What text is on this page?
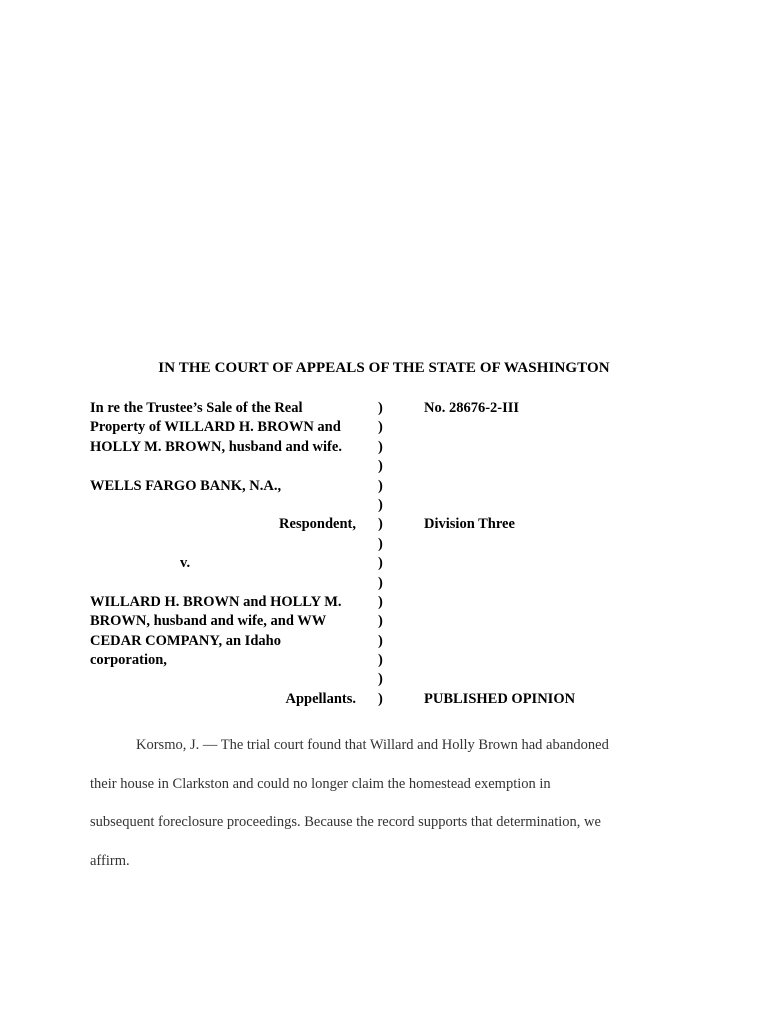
IN THE COURT OF APPEALS OF THE STATE OF WASHINGTON
In re the Trustee’s Sale of the Real	)	No. 28676-2-III
Property of WILLARD H. BROWN and	)
HOLLY M. BROWN, husband and wife.	)
)
WELLS FARGO BANK, N.A.,	)
)
Respondent, )	Division Three
)
v.	)
)
WILLARD H. BROWN and HOLLY M.	)
BROWN, husband and wife, and WW	)
CEDAR COMPANY, an Idaho	)
corporation,	)
)
Appellants. )	PUBLISHED OPINION
Korsmo, J. — The trial court found that Willard and Holly Brown had abandoned
their house in Clarkston and could no longer claim the homestead exemption in
subsequent foreclosure proceedings. Because the record supports that determination, we
affirm.
